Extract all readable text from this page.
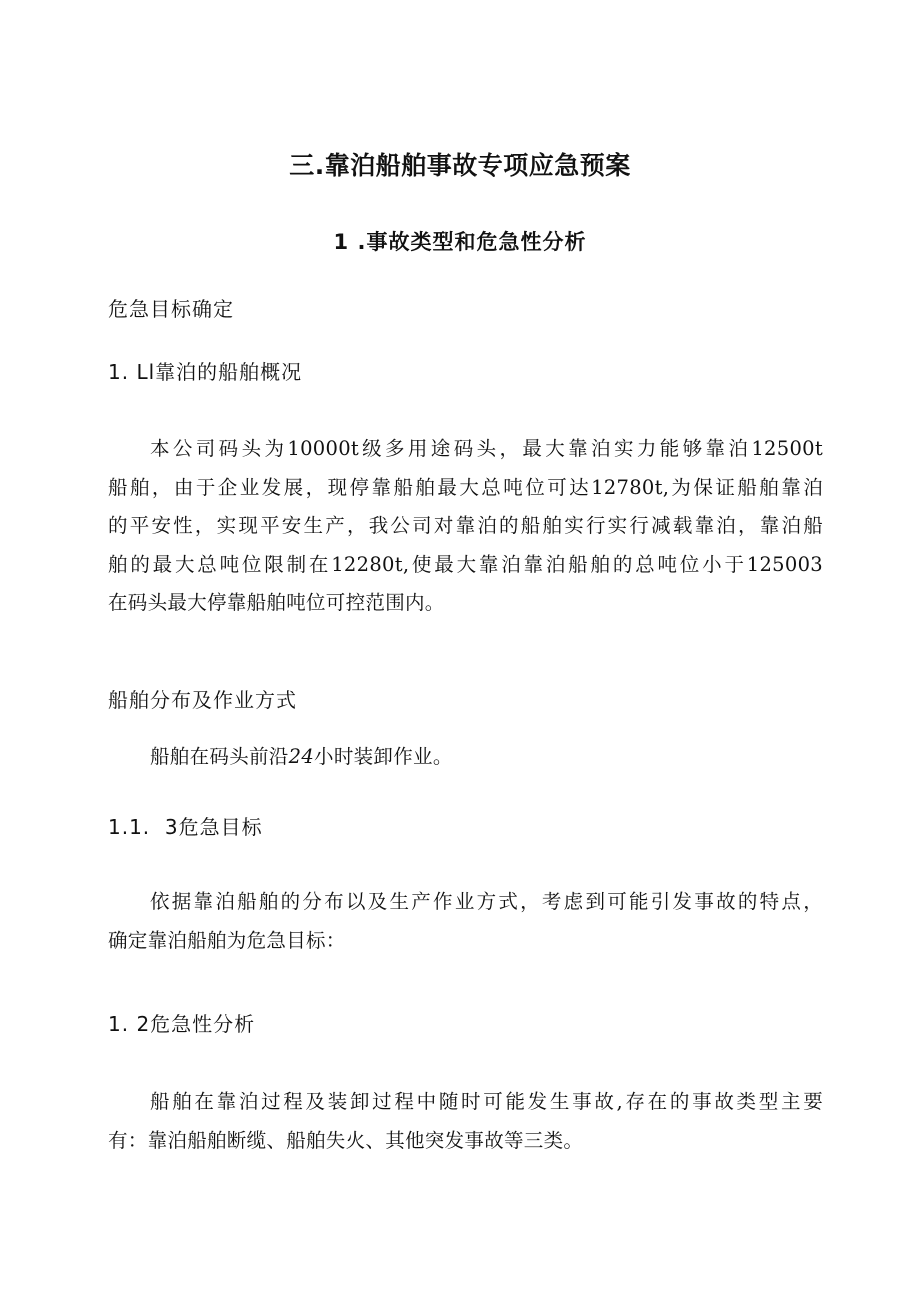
三.靠泊船舶事故专项应急预案
1 .事故类型和危急性分析
危急目标确定
1. Ll靠泊的船舶概况
本公司码头为10000t级多用途码头，最大靠泊实力能够靠泊12500t
船舶，由于企业发展，现停靠船舶最大总吨位可达12780t,为保证船舶靠泊
的平安性，实现平安生产，我公司对靠泊的船舶实行实行减载靠泊，靠泊船
舶的最大总吨位限制在12280t,使最大靠泊靠泊船舶的总吨位小于125003
在码头最大停靠船舶吨位可控范围内。
船舶分布及作业方式
船舶在码头前沿24小时装卸作业。
1.1.  3危急目标
依据靠泊船舶的分布以及生产作业方式，考虑到可能引发事故的特点，
确定靠泊船舶为危急目标：
1. 2危急性分析
船舶在靠泊过程及装卸过程中随时可能发生事故,存在的事故类型主要
有：靠泊船舶断缆、船舶失火、其他突发事故等三类。
